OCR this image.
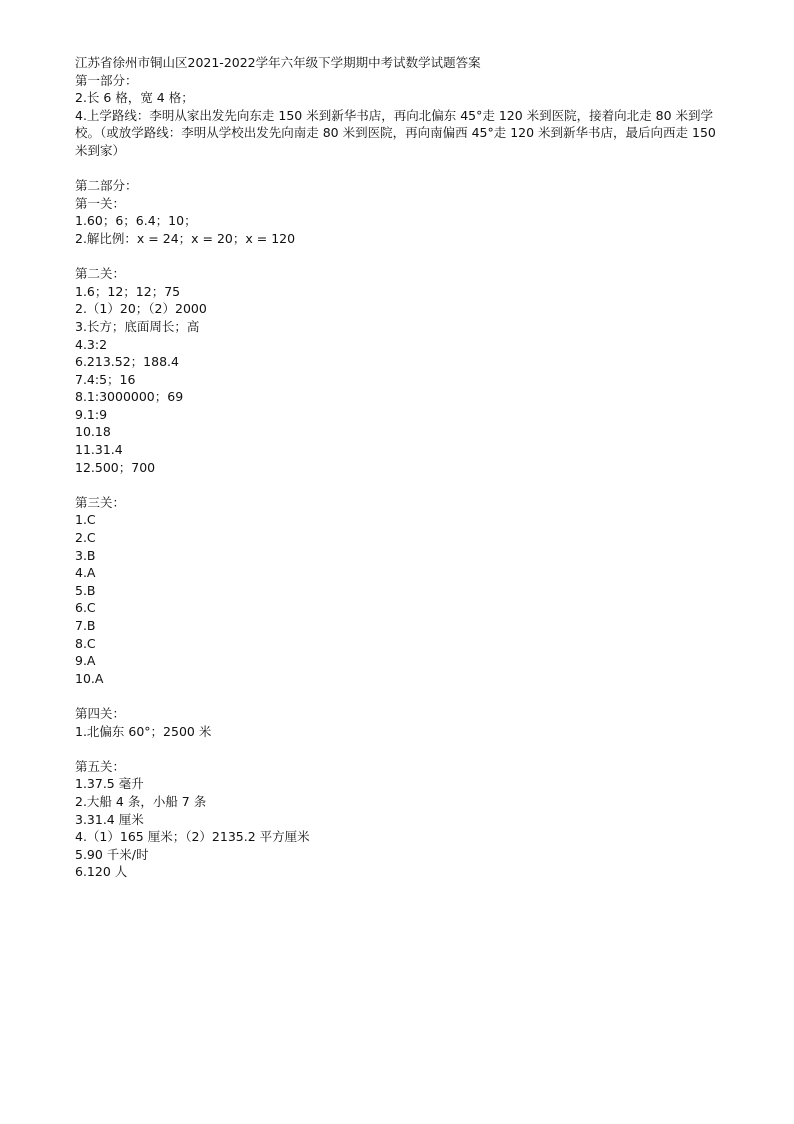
江苏省徐州市铜山区2021-2022学年六年级下学期期中考试数学试题答案
第一部分：
2.长 6 格，宽 4 格；
4.上学路线：李明从家出发先向东走 150 米到新华书店，再向北偏东 45°走 120 米到医院，接着向北走 80 米到学校。（或放学路线：李明从学校出发先向南走 80 米到医院，再向南偏西 45°走 120 米到新华书店，最后向西走 150 米到家）
第二部分：
第一关：
1.60；6；6.4；10；
2.解比例：x = 24；x = 20；x = 120
第二关：
1.6；12；12；75
2.（1）20；（2）2000
3.长方；底面周长；高
4.3:2
6.213.52；188.4
7.4:5；16
8.1:3000000；69
9.1:9
10.18
11.31.4
12.500；700
第三关：
1.C
2.C
3.B
4.A
5.B
6.C
7.B
8.C
9.A
10.A
第四关：
1.北偏东 60°；2500 米
第五关：
1.37.5 毫升
2.大船 4 条，小船 7 条
3.31.4 厘米
4.（1）165 厘米；（2）2135.2 平方厘米
5.90 千米/时
6.120 人
